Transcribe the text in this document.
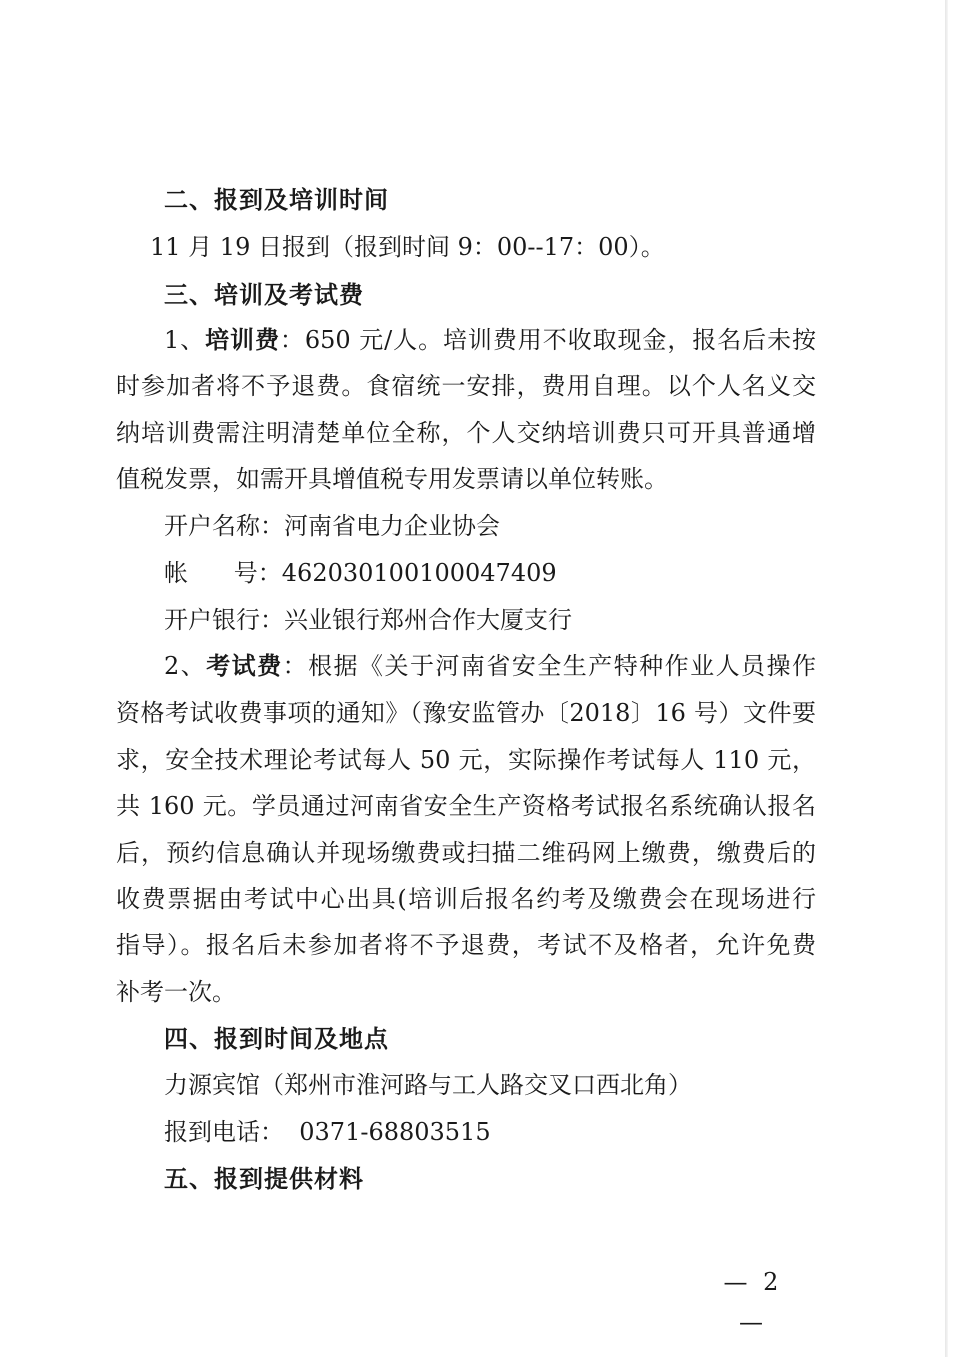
二、报到及培训时间
11 月 19 日报到（报到时间 9：00--17：00）。
三、培训及考试费
1、培训费：650 元/人。培训费用不收取现金，报名后未按
时参加者将不予退费。食宿统一安排，费用自理。以个人名义交
纳培训费需注明清楚单位全称，个人交纳培训费只可开具普通增
值税发票，如需开具增值税专用发票请以单位转账。
开户名称：河南省电力企业协会
帐      号：462030100100047409
开户银行：兴业银行郑州合作大厦支行
2、考试费：根据《关于河南省安全生产特种作业人员操作
资格考试收费事项的通知》（豫安监管办〔2018〕16 号）文件要
求，安全技术理论考试每人 50 元，实际操作考试每人 110 元，
共 160 元。学员通过河南省安全生产资格考试报名系统确认报名
后，预约信息确认并现场缴费或扫描二维码网上缴费，缴费后的
收费票据由考试中心出具(培训后报名约考及缴费会在现场进行
指导）。报名后未参加者将不予退费，考试不及格者，允许免费
补考一次。
四、报到时间及地点
力源宾馆（郑州市淮河路与工人路交叉口西北角）
报到电话：  0371-68803515
五、报到提供材料
— 2 —
